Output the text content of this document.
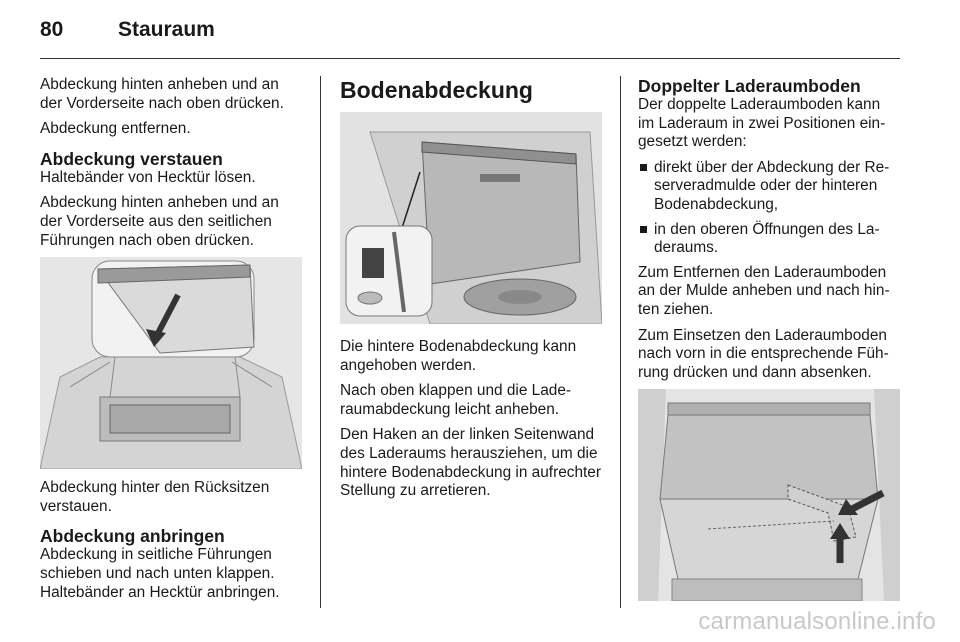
80	Stauraum

Abdeckung hinten anheben und an der Vorderseite nach oben drücken.

Abdeckung entfernen.

Abdeckung verstauen

Haltebänder von Hecktür lösen.

Abdeckung hinten anheben und an der Vorderseite aus den seitlichen Führungen nach oben drücken.

Abdeckung hinter den Rücksitzen verstauen.

Abdeckung anbringen

Abdeckung in seitliche Führungen schieben und nach unten klappen. Haltebänder an Hecktür anbringen.

Bodenabdeckung

Die hintere Bodenabdeckung kann angehoben werden.

Nach oben klappen und die Laderaumabdeckung leicht anheben.

Den Haken an der linken Seitenwand des Laderaums herausziehen, um die hintere Bodenabdeckung in aufrechter Stellung zu arretieren.

Doppelter Laderaumboden

Der doppelte Laderaumboden kann im Laderaum in zwei Positionen eingesetzt werden:

direkt über der Abdeckung der Reserveradmulde oder der hinteren Bodenabdeckung,
in den oberen Öffnungen des Laderaums.

Zum Entfernen den Laderaumboden an der Mulde anheben und nach hinten ziehen.

Zum Einsetzen den Laderaumboden nach vorn in die entsprechende Führung drücken und dann absenken.

carmanualsonline.info
